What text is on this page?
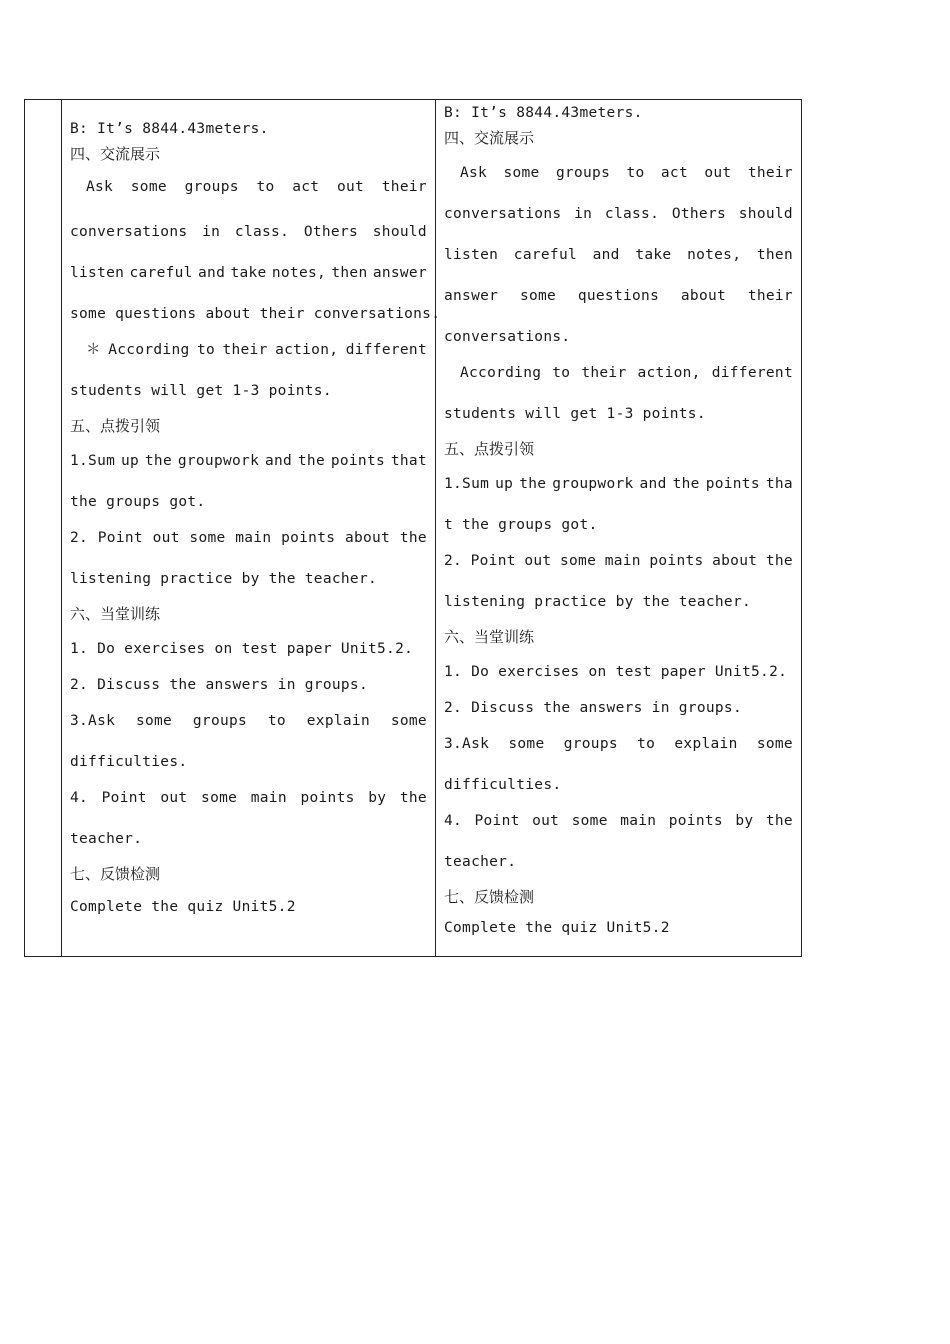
B: It’s 8844.43meters.
四、交流展示
Ask some groups to act out their
conversations in class. Others should
listen careful and take notes, then answer
some questions about their conversations.
＊ According to their action, different
students will get 1-3 points.
五、点拨引领
1.Sum up the groupwork and the points that
the groups got.
2. Point out some main points about the
listening practice by the teacher.
六、当堂训练
1. Do exercises on test paper Unit5.2.
2. Discuss the answers in groups.
3.Ask some groups to explain some
difficulties.
4. Point out some main points by the
teacher.
七、反馈检测
Complete the quiz Unit5.2
B: It’s 8844.43meters.
四、交流展示
Ask some groups to act out their
conversations in class. Others should
listen careful and take notes, then
answer some questions about their
conversations.
According to their action, different
students will get 1-3 points.
五、点拨引领
1.Sum up the groupwork and the points tha
t the groups got.
2. Point out some main points about the
listening practice by the teacher.
六、当堂训练
1. Do exercises on test paper Unit5.2.
2. Discuss the answers in groups.
3.Ask some groups to explain some
difficulties.
4. Point out some main points by the
teacher.
七、反馈检测
Complete the quiz Unit5.2
